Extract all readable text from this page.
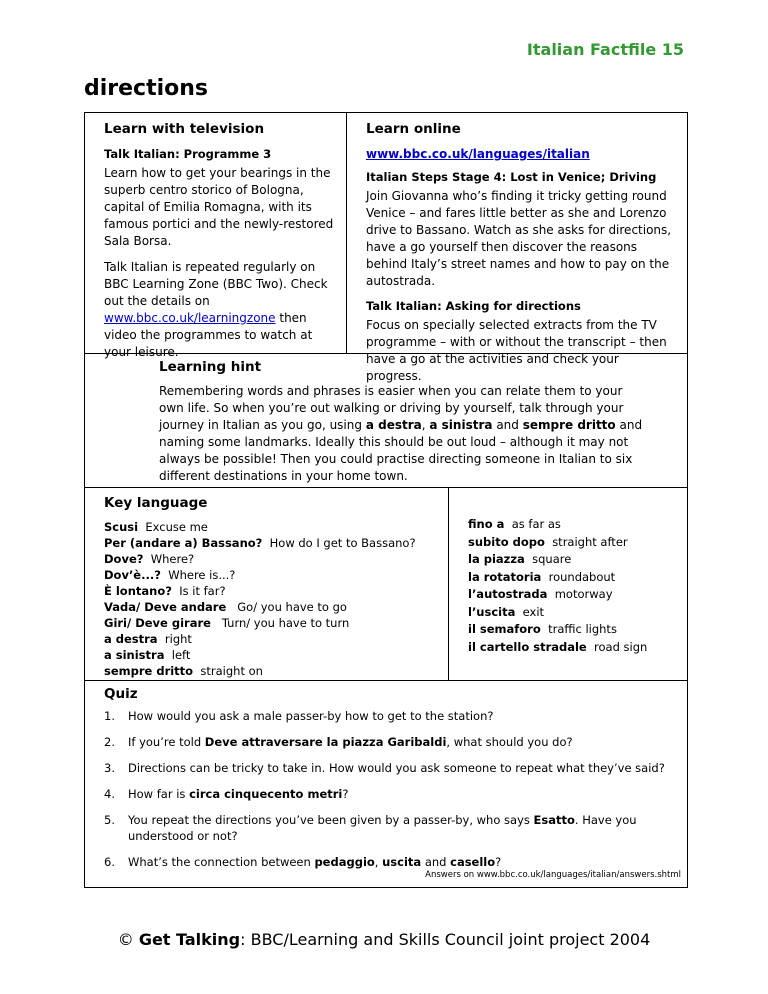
Italian Factfile 15
directions
Learn with television
Talk Italian: Programme 3

Learn how to get your bearings in the superb centro storico of Bologna, capital of Emilia Romagna, with its famous portici and the newly-restored Sala Borsa.

Talk Italian is repeated regularly on BBC Learning Zone (BBC Two). Check out the details on www.bbc.co.uk/learningzone then video the programmes to watch at your leisure.

Learn online
www.bbc.co.uk/languages/italian
Italian Steps Stage 4: Lost in Venice; Driving

Join Giovanna who’s finding it tricky getting round Venice – and fares little better as she and Lorenzo drive to Bassano. Watch as she asks for directions, have a go yourself then discover the reasons behind Italy’s street names and how to pay on the autostrada.

Talk Italian: Asking for directions

Focus on specially selected extracts from the TV programme – with or without the transcript – then have a go at the activities and check your progress.

Learning hint

Remembering words and phrases is easier when you can relate them to your own life. So when you’re out walking or driving by yourself, talk through your journey in Italian as you go, using a destra, a sinistra and sempre dritto and naming some landmarks. Ideally this should be out loud – although it may not always be possible! Then you could practise directing someone in Italian to six different destinations in your home town.

Key language
Scusi Excuse me
Per (andare a) Bassano? How do I get to Bassano?
Dove? Where?
Dov’è...? Where is...?
È lontano? Is it far?
Vada/ Deve andare Go/ you have to go
Giri/ Deve girare Turn/ you have to turn
a destra right
a sinistra left
sempre dritto straight on
fino a as far as
subito dopo straight after
la piazza square
la rotatoria roundabout
l’autostrada motorway
l’uscita exit
il semaforo traffic lights
il cartello stradale road sign
Quiz
1.	How would you ask a male passer-by how to get to the station?
2.	If you’re told Deve attraversare la piazza Garibaldi, what should you do?
3.	Directions can be tricky to take in. How would you ask someone to repeat what they’ve said?
4.	How far is circa cinquecento metri?
5.	You repeat the directions you’ve been given by a passer-by, who says Esatto. Have you understood or not?
6.	What’s the connection between pedaggio, uscita and casello?
Answers on www.bbc.co.uk/languages/italian/answers.shtml
© Get Talking: BBC/Learning and Skills Council joint project 2004
